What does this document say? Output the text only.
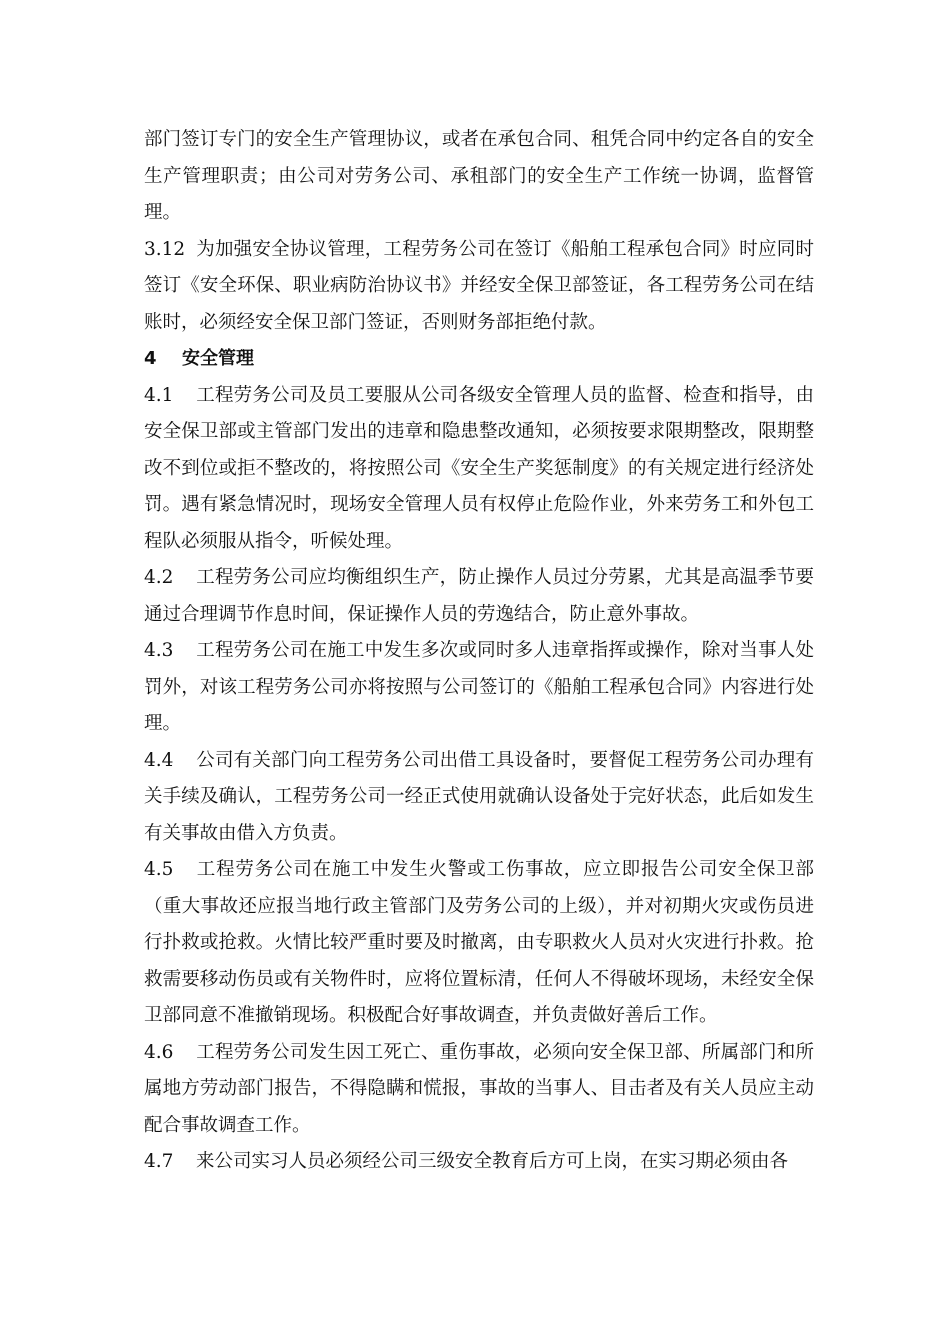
部门签订专门的安全生产管理协议，或者在承包合同、租凭合同中约定各自的安全生产管理职责；由公司对劳务公司、承租部门的安全生产工作统一协调，监督管理。

3.12 为加强安全协议管理，工程劳务公司在签订《船舶工程承包合同》时应同时签订《安全环保、职业病防治协议书》并经安全保卫部签证，各工程劳务公司在结账时，必须经安全保卫部门签证，否则财务部拒绝付款。

4 安全管理

4.1 工程劳务公司及员工要服从公司各级安全管理人员的监督、检查和指导，由安全保卫部或主管部门发出的违章和隐患整改通知，必须按要求限期整改，限期整改不到位或拒不整改的，将按照公司《安全生产奖惩制度》的有关规定进行经济处罚。遇有紧急情况时，现场安全管理人员有权停止危险作业，外来劳务工和外包工程队必须服从指令，听候处理。

4.2 工程劳务公司应均衡组织生产，防止操作人员过分劳累，尤其是高温季节要通过合理调节作息时间，保证操作人员的劳逸结合，防止意外事故。

4.3 工程劳务公司在施工中发生多次或同时多人违章指挥或操作，除对当事人处罚外，对该工程劳务公司亦将按照与公司签订的《船舶工程承包合同》内容进行处理。

4.4 公司有关部门向工程劳务公司出借工具设备时，要督促工程劳务公司办理有关手续及确认，工程劳务公司一经正式使用就确认设备处于完好状态，此后如发生有关事故由借入方负责。

4.5 工程劳务公司在施工中发生火警或工伤事故，应立即报告公司安全保卫部（重大事故还应报当地行政主管部门及劳务公司的上级），并对初期火灾或伤员进行扑救或抢救。火情比较严重时要及时撤离，由专职救火人员对火灾进行扑救。抢救需要移动伤员或有关物件时，应将位置标清，任何人不得破坏现场，未经安全保卫部同意不准撤销现场。积极配合好事故调查，并负责做好善后工作。

4.6 工程劳务公司发生因工死亡、重伤事故，必须向安全保卫部、所属部门和所属地方劳动部门报告，不得隐瞒和慌报，事故的当事人、目击者及有关人员应主动配合事故调查工作。

4.7 来公司实习人员必须经公司三级安全教育后方可上岗，在实习期必须由各
